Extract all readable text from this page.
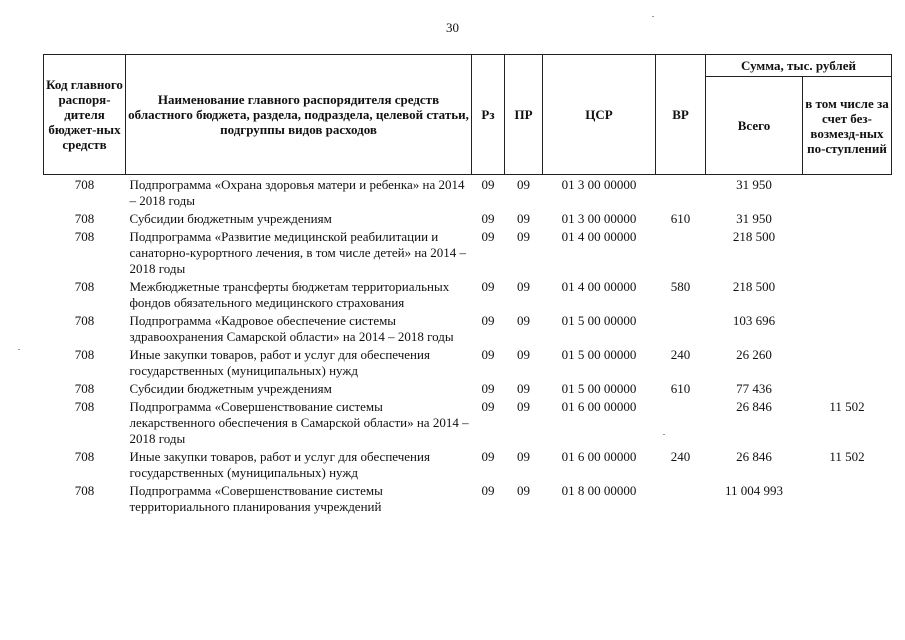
30
Код главного распоря-дителя бюджет-ных средств	Наименование главного распорядителя средств областного бюджета, раздела, подраздела, целевой статьи, подгруппы видов расходов	Рз	ПР	ЦСР	ВР	Сумма, тыс. рублей	
						Всего	в том числе за счет без-возмезд-ных по-ступлений
708	Подпрограмма «Охрана здоровья матери и ребенка» на 2014 – 2018 годы	09	09	01 3 00 00000		31 950	
708	Субсидии бюджетным учреждениям	09	09	01 3 00 00000	610	31 950	
708	Подпрограмма «Развитие медицинской реабилитации и санаторно-курортного лечения, в том числе детей» на 2014 – 2018 годы	09	09	01 4 00 00000		218 500	
708	Межбюджетные трансферты бюджетам территориальных фондов обязательного медицинского страхования	09	09	01 4 00 00000	580	218 500	
708	Подпрограмма «Кадровое обеспечение системы здравоохранения Самарской области» на 2014 – 2018 годы	09	09	01 5 00 00000		103 696	
708	Иные закупки товаров, работ и услуг для обеспечения государственных (муниципальных) нужд	09	09	01 5 00 00000	240	26 260	
708	Субсидии бюджетным учреждениям	09	09	01 5 00 00000	610	77 436	
708	Подпрограмма «Совершенствование системы лекарственного обеспечения в Самарской области» на 2014 – 2018 годы	09	09	01 6 00 00000		26 846	11 502
708	Иные закупки товаров, работ и услуг для обеспечения государственных (муниципальных) нужд	09	09	01 6 00 00000	240	26 846	11 502
708	Подпрограмма «Совершенствование системы территориального планирования учреждений	09	09	01 8 00 00000		11 004 993	
